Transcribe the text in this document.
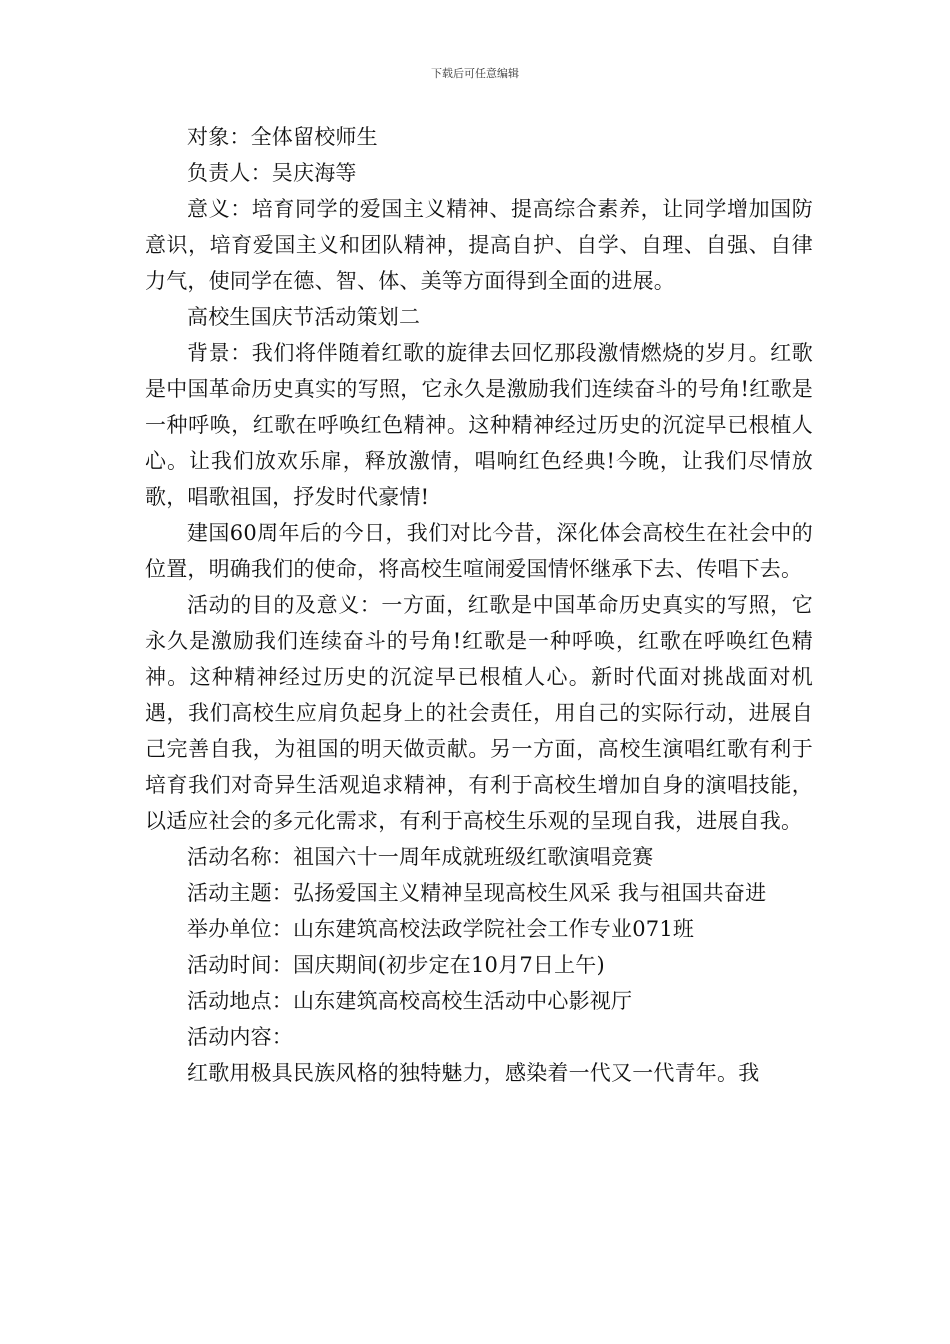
下载后可任意编辑

对象：全体留校师生

负责人：吴庆海等

意义：培育同学的爱国主义精神、提高综合素养，让同学增加国防意识，培育爱国主义和团队精神，提高自护、自学、自理、自强、自律力气，使同学在德、智、体、美等方面得到全面的进展。

高校生国庆节活动策划二

背景：我们将伴随着红歌的旋律去回忆那段激情燃烧的岁月。红歌是中国革命历史真实的写照，它永久是激励我们连续奋斗的号角!红歌是一种呼唤，红歌在呼唤红色精神。这种精神经过历史的沉淀早已根植人心。让我们放欢乐扉，释放激情，唱响红色经典!今晚，让我们尽情放歌，唱歌祖国，抒发时代豪情!

建国60周年后的今日，我们对比今昔，深化体会高校生在社会中的位置，明确我们的使命，将高校生喧闹爱国情怀继承下去、传唱下去。

活动的目的及意义：一方面，红歌是中国革命历史真实的写照，它永久是激励我们连续奋斗的号角!红歌是一种呼唤，红歌在呼唤红色精神。这种精神经过历史的沉淀早已根植人心。新时代面对挑战面对机遇，我们高校生应肩负起身上的社会责任，用自己的实际行动，进展自己完善自我，为祖国的明天做贡献。另一方面，高校生演唱红歌有利于培育我们对奇异生活观追求精神，有利于高校生增加自身的演唱技能，以适应社会的多元化需求，有利于高校生乐观的呈现自我，进展自我。

活动名称：祖国六十一周年成就班级红歌演唱竞赛

活动主题：弘扬爱国主义精神呈现高校生风采 我与祖国共奋进

举办单位：山东建筑高校法政学院社会工作专业071班

活动时间：国庆期间(初步定在10月7日上午)

活动地点：山东建筑高校高校生活动中心影视厅

活动内容：

红歌用极具民族风格的独特魅力，感染着一代又一代青年。我
